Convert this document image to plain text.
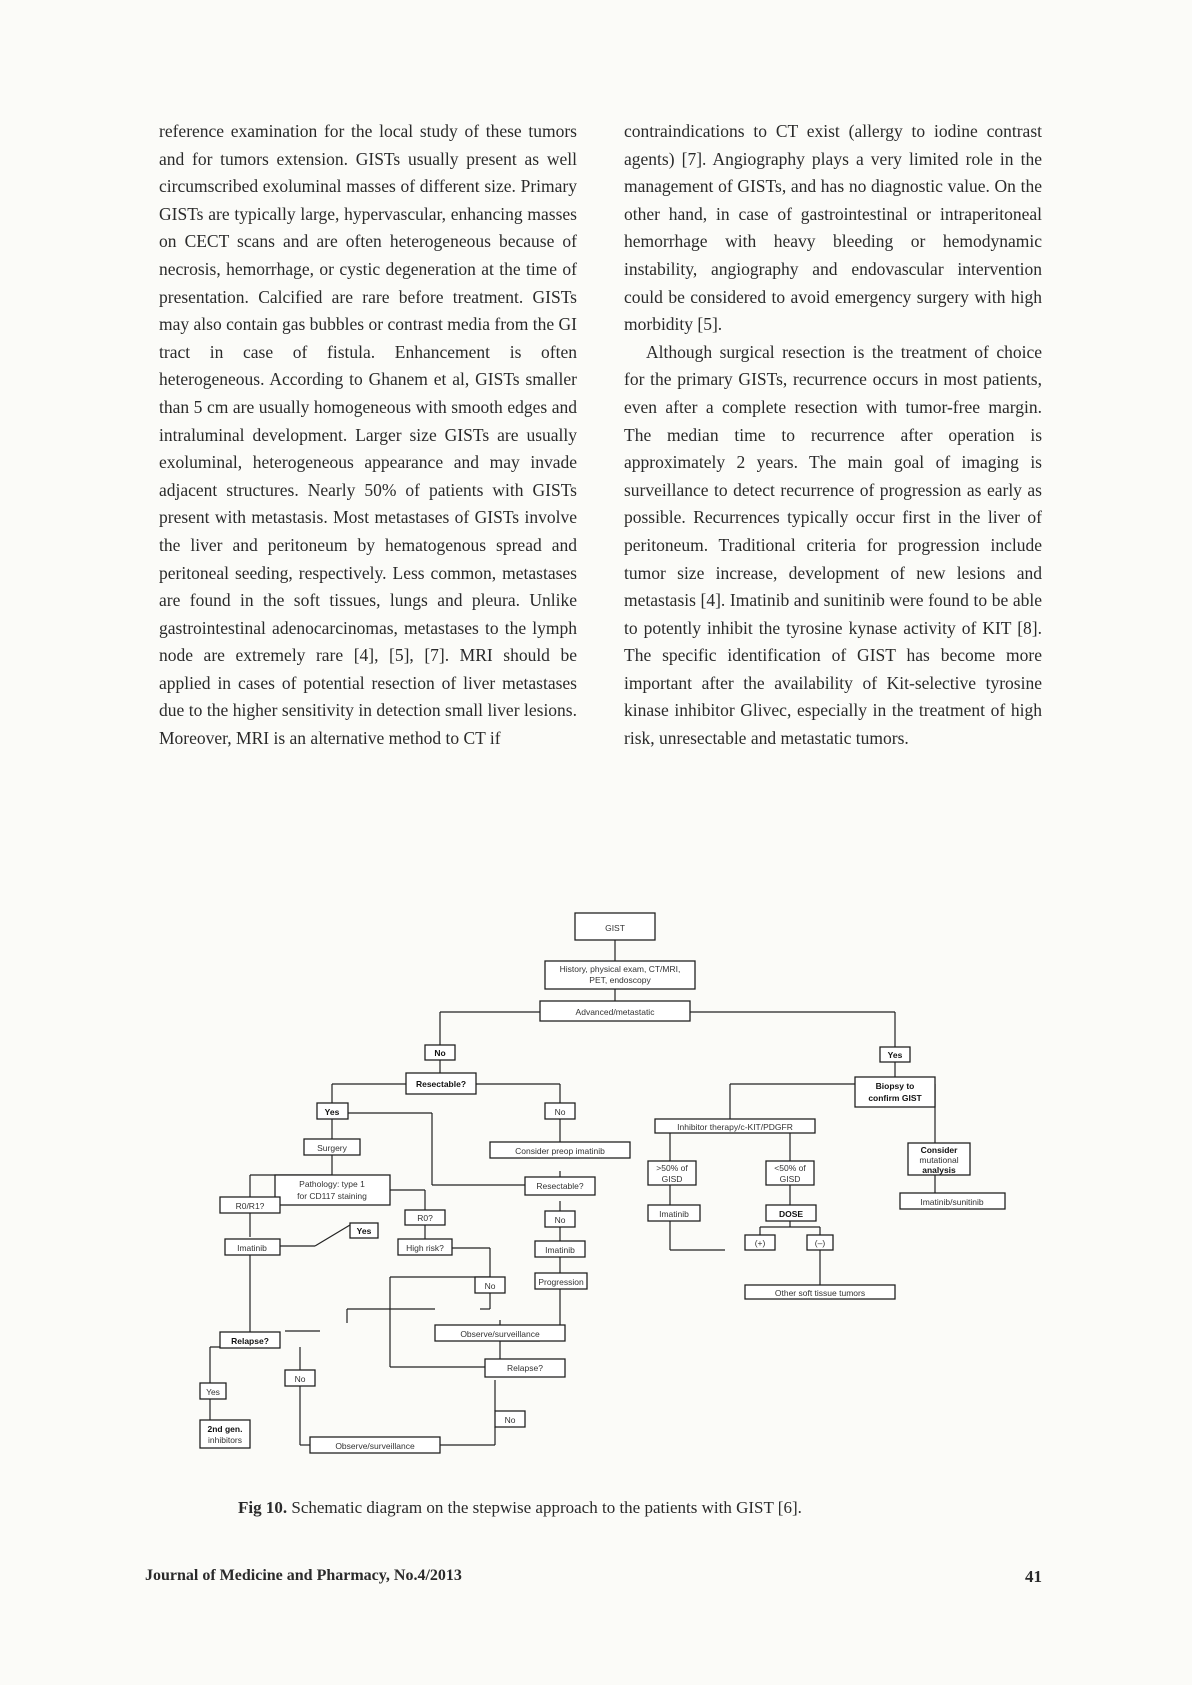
reference examination for the local study of these tumors and for tumors extension. GISTs usually present as well circumscribed exoluminal masses of different size. Primary GISTs are typically large, hypervascular, enhancing masses on CECT scans and are often heterogeneous because of necrosis, hemorrhage, or cystic degeneration at the time of presentation. Calcified are rare before treatment. GISTs may also contain gas bubbles or contrast media from the GI tract in case of fistula. Enhancement is often heterogeneous. According to Ghanem et al, GISTs smaller than 5 cm are usually homogeneous with smooth edges and intraluminal development. Larger size GISTs are usually exoluminal, heterogeneous appearance and may invade adjacent structures. Nearly 50% of patients with GISTs present with metastasis. Most metastases of GISTs involve the liver and peritoneum by hematogenous spread and peritoneal seeding, respectively. Less common, metastases are found in the soft tissues, lungs and pleura. Unlike gastrointestinal adenocarcinomas, metastases to the lymph node are extremely rare [4], [5], [7]. MRI should be applied in cases of potential resection of liver metastases due to the higher sensitivity in detection small liver lesions. Moreover, MRI is an alternative method to CT if

contraindications to CT exist (allergy to iodine contrast agents) [7]. Angiography plays a very limited role in the management of GISTs, and has no diagnostic value. On the other hand, in case of gastrointestinal or intraperitoneal hemorrhage with heavy bleeding or hemodynamic instability, angiography and endovascular intervention could be considered to avoid emergency surgery with high morbidity [5].

Although surgical resection is the treatment of choice for the primary GISTs, recurrence occurs in most patients, even after a complete resection with tumor-free margin. The median time to recurrence after operation is approximately 2 years. The main goal of imaging is surveillance to detect recurrence of progression as early as possible. Recurrences typically occur first in the liver of peritoneum. Traditional criteria for progression include tumor size increase, development of new lesions and metastasis [4]. Imatinib and sunitinib were found to be able to potently inhibit the tyrosine kynase activity of KIT [8]. The specific identification of GIST has become more important after the availability of Kit-selective tyrosine kinase inhibitor Glivec, especially in the treatment of high risk, unresectable and metastatic tumors.

GIST
History, physical exam, CT/MRI,
PET, endoscopy
Advanced/metastatic
No	Yes
Resectable?
Yes	No
Surgery	Consider preop imatinib
Pathology: type 1
for CD117 staining
Resectable?
No
Imatinib
Progression
R0/R1?
R0?
High risk?
Yes
No
Imatinib
Observe/surveillance
Relapse?
Yes
No
2nd gen.
inhibitors
Relapse?
No
Observe/surveillance
Biopsy to
confirm GIST
Inhibitor therapy/c-KIT/PDGFR
Consider
mutational
analysis
Imatinib/sunitinib
>50% of
GISD
<50% of
GISD
Imatinib	DOSE
(+)	(–)
Other soft tissue tumors
Fig 10. Schematic diagram on the stepwise approach to the patients with GIST [6].
Journal of Medicine and Pharmacy, No.4/2013	41
